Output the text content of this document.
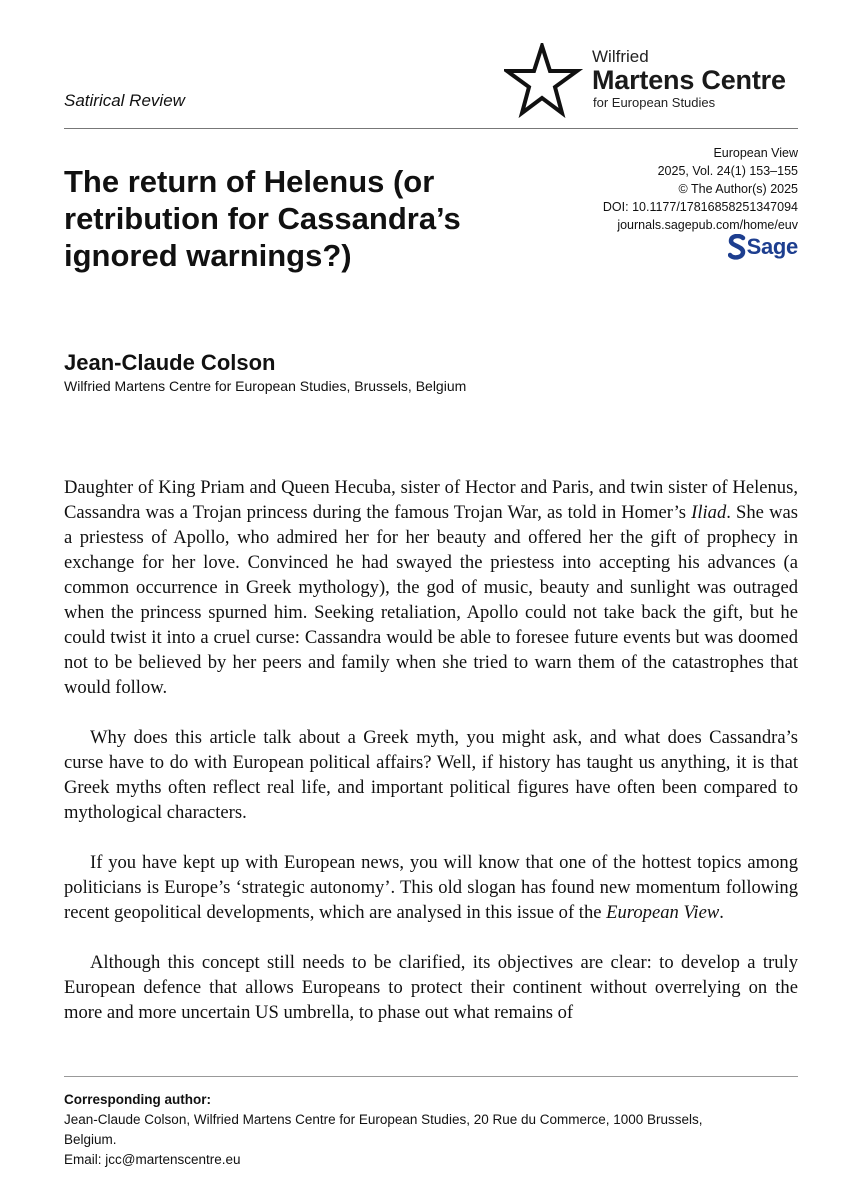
Satirical Review
Wilfried
Martens Centre
for European Studies
European View
2025, Vol. 24(1) 153–155
© The Author(s) 2025
DOI: 10.1177/17816858251347094
journals.sagepub.com/home/euv
Sage
The return of Helenus (or retribution for Cassandra’s ignored warnings?)
Jean-Claude Colson
Wilfried Martens Centre for European Studies, Brussels, Belgium

Daughter of King Priam and Queen Hecuba, sister of Hector and Paris, and twin sister of Helenus, Cassandra was a Trojan princess during the famous Trojan War, as told in Homer’s Iliad. She was a priestess of Apollo, who admired her for her beauty and offered her the gift of prophecy in exchange for her love. Convinced he had swayed the priestess into accepting his advances (a common occurrence in Greek mythology), the god of music, beauty and sunlight was outraged when the princess spurned him. Seeking retaliation, Apollo could not take back the gift, but he could twist it into a cruel curse: Cassandra would be able to foresee future events but was doomed not to be believed by her peers and family when she tried to warn them of the catastrophes that would follow.

Why does this article talk about a Greek myth, you might ask, and what does Cassandra’s curse have to do with European political affairs? Well, if history has taught us anything, it is that Greek myths often reflect real life, and important political figures have often been compared to mythological characters.

If you have kept up with European news, you will know that one of the hottest topics among politicians is Europe’s ‘strategic autonomy’. This old slogan has found new momentum following recent geopolitical developments, which are analysed in this issue of the European View.

Although this concept still needs to be clarified, its objectives are clear: to develop a truly European defence that allows Europeans to protect their continent without overrelying on the more and more uncertain US umbrella, to phase out what remains of

Corresponding author:
Jean-Claude Colson, Wilfried Martens Centre for European Studies, 20 Rue du Commerce, 1000 Brussels,
Belgium.
Email: jcc@martenscentre.eu
